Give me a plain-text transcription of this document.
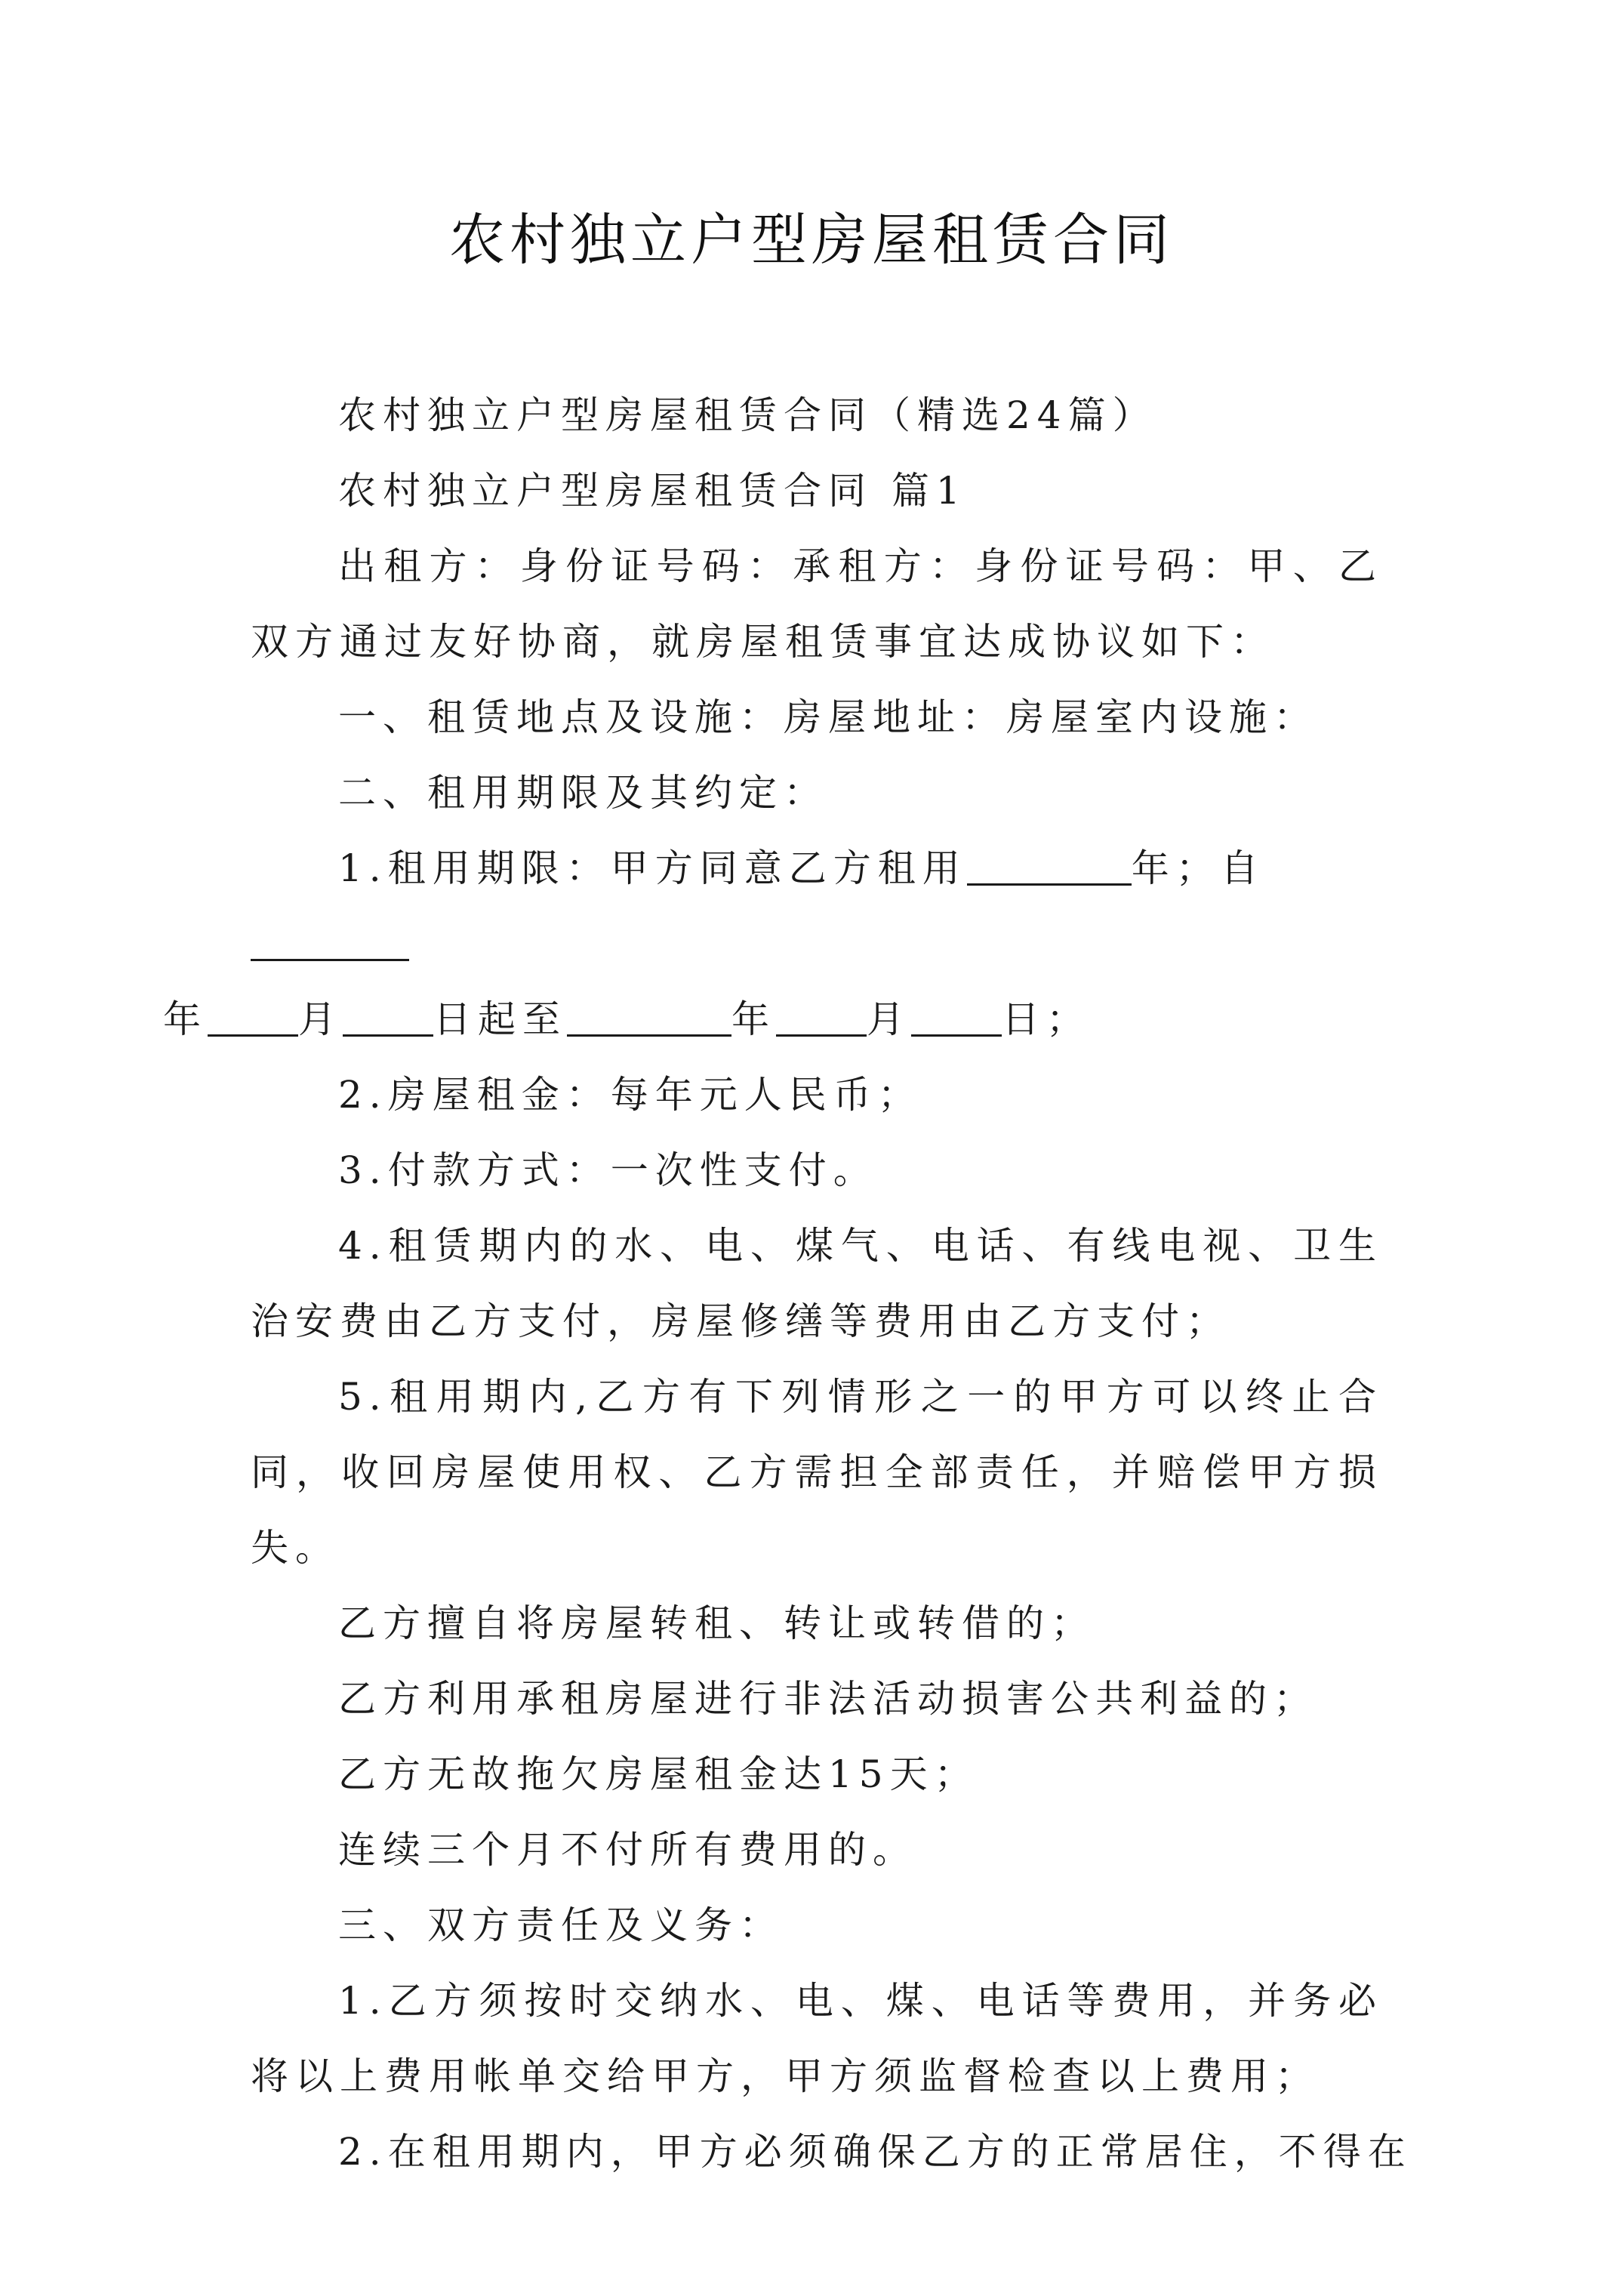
农村独立户型房屋租赁合同

农村独立户型房屋租赁合同（精选24篇）

农村独立户型房屋租赁合同 篇1

出租方：身份证号码：承租方：身份证号码：甲、乙双方通过友好协商，就房屋租赁事宜达成协议如下：

一、租赁地点及设施：房屋地址：房屋室内设施：

二、租用期限及其约定：

1.租用期限：甲方同意乙方租用	年；自
年 月 日起至	年 月 日；

2.房屋租金：每年元人民币；

3.付款方式：一次性支付。

4.租赁期内的水、电、煤气、电话、有线电视、卫生治安费由乙方支付，房屋修缮等费用由乙方支付；

5.租用期内,乙方有下列情形之一的甲方可以终止合同，收回房屋使用权、乙方需担全部责任，并赔偿甲方损失。

乙方擅自将房屋转租、转让或转借的；

乙方利用承租房屋进行非法活动损害公共利益的；

乙方无故拖欠房屋租金达15天；

连续三个月不付所有费用的。

三、双方责任及义务：

1.乙方须按时交纳水、电、煤、电话等费用，并务必将以上费用帐单交给甲方，甲方须监督检查以上费用；

2.在租用期内，甲方必须确保乙方的正常居住，不得在
